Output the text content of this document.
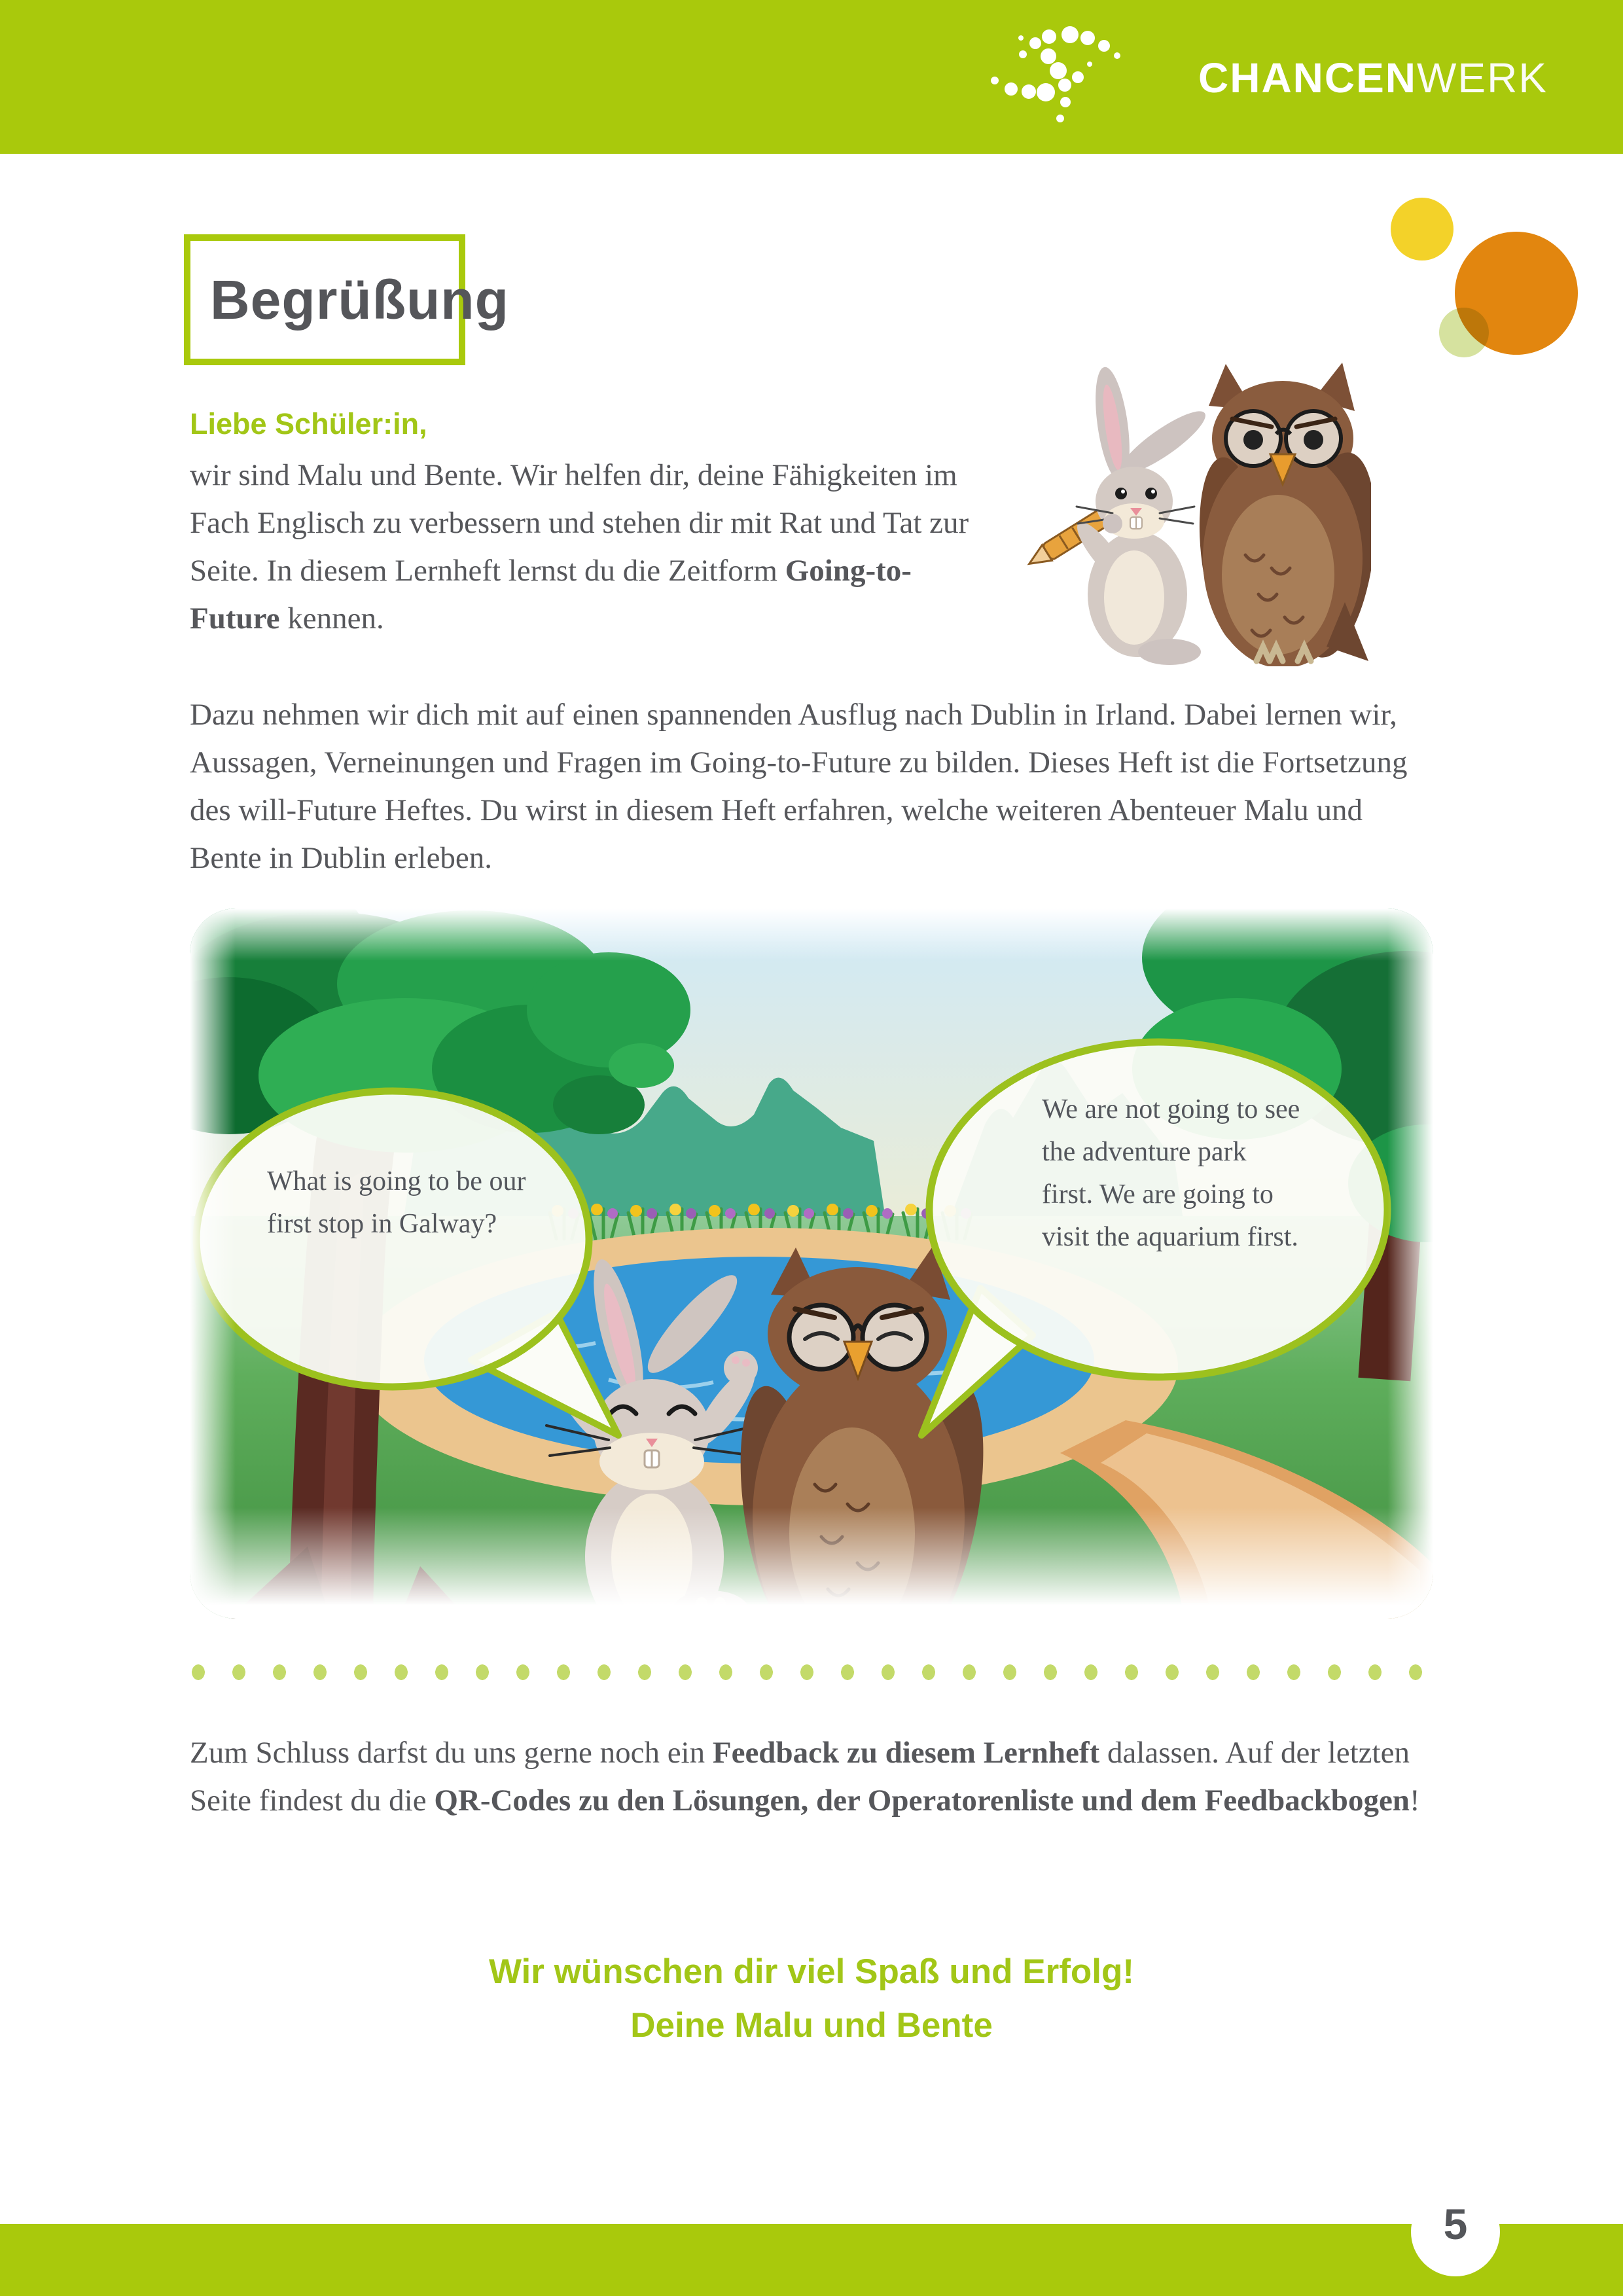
CHANCENWERK
Begrüßung

Liebe Schüler:in,

wir sind Malu und Bente. Wir helfen dir, deine Fähigkeiten im Fach Englisch zu verbessern und stehen dir mit Rat und Tat zur Seite. In diesem Lernheft lernst du die Zeitform Going-to-Future kennen.

Dazu nehmen wir dich mit auf einen spannenden Ausflug nach Dublin in Irland. Dabei lernen wir, Aussagen, Verneinungen und Fragen im Going-to-Future zu bilden. Dieses Heft ist die Fortsetzung des will-Future Heftes. Du wirst in diesem Heft erfahren, welche weiteren Abenteuer Malu und Bente in Dublin erleben.

What is going to be our first stop in Galway?
We are not going to see the adventure park first. We are going to visit the aquarium first.

Zum Schluss darfst du uns gerne noch ein Feedback zu diesem Lernheft dalassen. Auf der letzten Seite findest du die QR-Codes zu den Lösungen, der Operatorenliste und dem Feedbackbogen!

Wir wünschen dir viel Spaß und Erfolg!

Deine Malu und Bente

5
